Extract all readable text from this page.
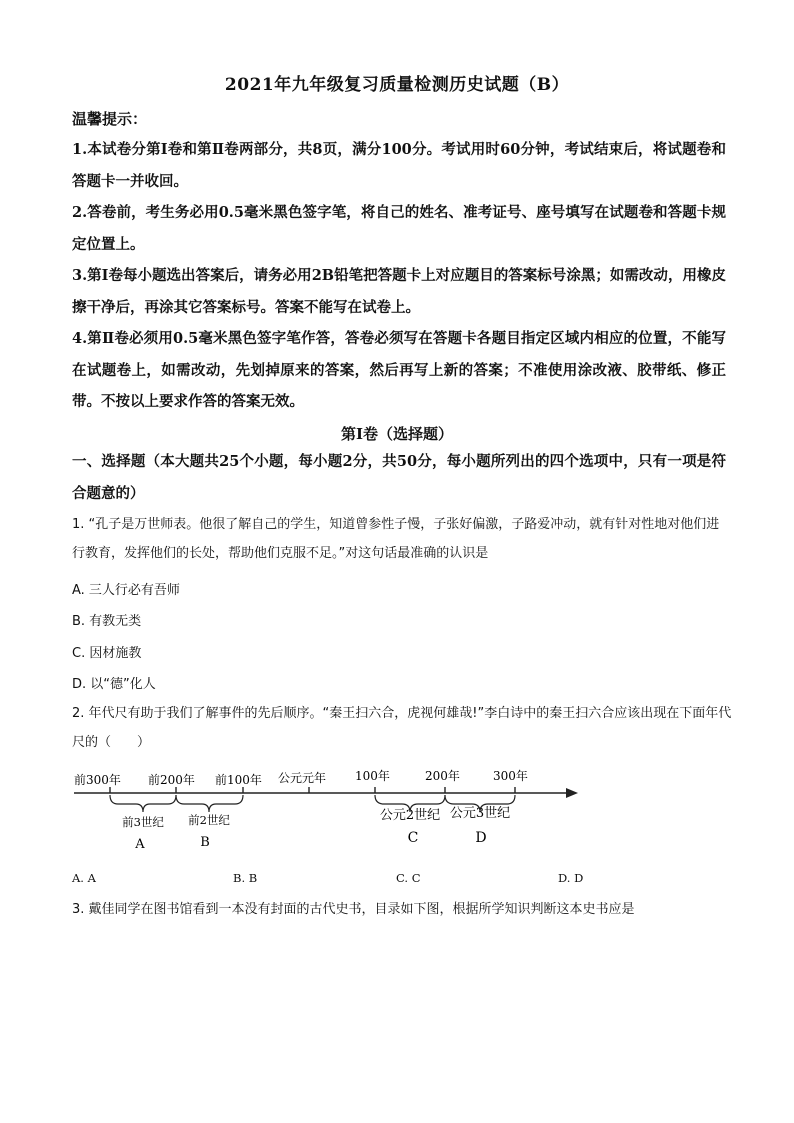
2021年九年级复习质量检测历史试题（B）
温馨提示：

1.本试卷分第Ⅰ卷和第Ⅱ卷两部分，共8页，满分100分。考试用时60分钟，考试结束后，将试题卷和答题卡一并收回。

2.答卷前，考生务必用0.5毫米黑色签字笔，将自己的姓名、准考证号、座号填写在试题卷和答题卡规定位置上。

3.第Ⅰ卷每小题选出答案后，请务必用2B铅笔把答题卡上对应题目的答案标号涂黑；如需改动，用橡皮擦干净后，再涂其它答案标号。答案不能写在试卷上。

4.第Ⅱ卷必须用0.5毫米黑色签字笔作答，答卷必须写在答题卡各题目指定区域内相应的位置，不能写在试题卷上，如需改动，先划掉原来的答案，然后再写上新的答案；不准使用涂改液、胶带纸、修正带。不按以上要求作答的答案无效。

第Ⅰ卷（选择题）

一、选择题（本大题共25个小题，每小题2分，共50分，每小题所列出的四个选项中，只有一项是符合题意的）

1. “孔子是万世师表。他很了解自己的学生，知道曾参性子慢，子张好偏激，子路爱冲动，就有针对性地对他们进行教育，发挥他们的长处，帮助他们克服不足。”对这句话最准确的认识是

A. 三人行必有吾师
B. 有教无类
C. 因材施教
D. 以“德”化人

2. 年代尺有助于我们了解事件的先后顺序。“秦王扫六合，虎视何雄哉!”李白诗中的秦王扫六合应该出现在下面年代尺的（　　）

前300年 前200年 前100年 公元元年 100年	200年	300年
前3世纪 前2世纪	公元2世纪 公元3世纪
A	B	C	D
A. A	B. B	C. C	D. D

3. 戴佳同学在图书馆看到一本没有封面的古代史书，目录如下图，根据所学知识判断这本史书应是
